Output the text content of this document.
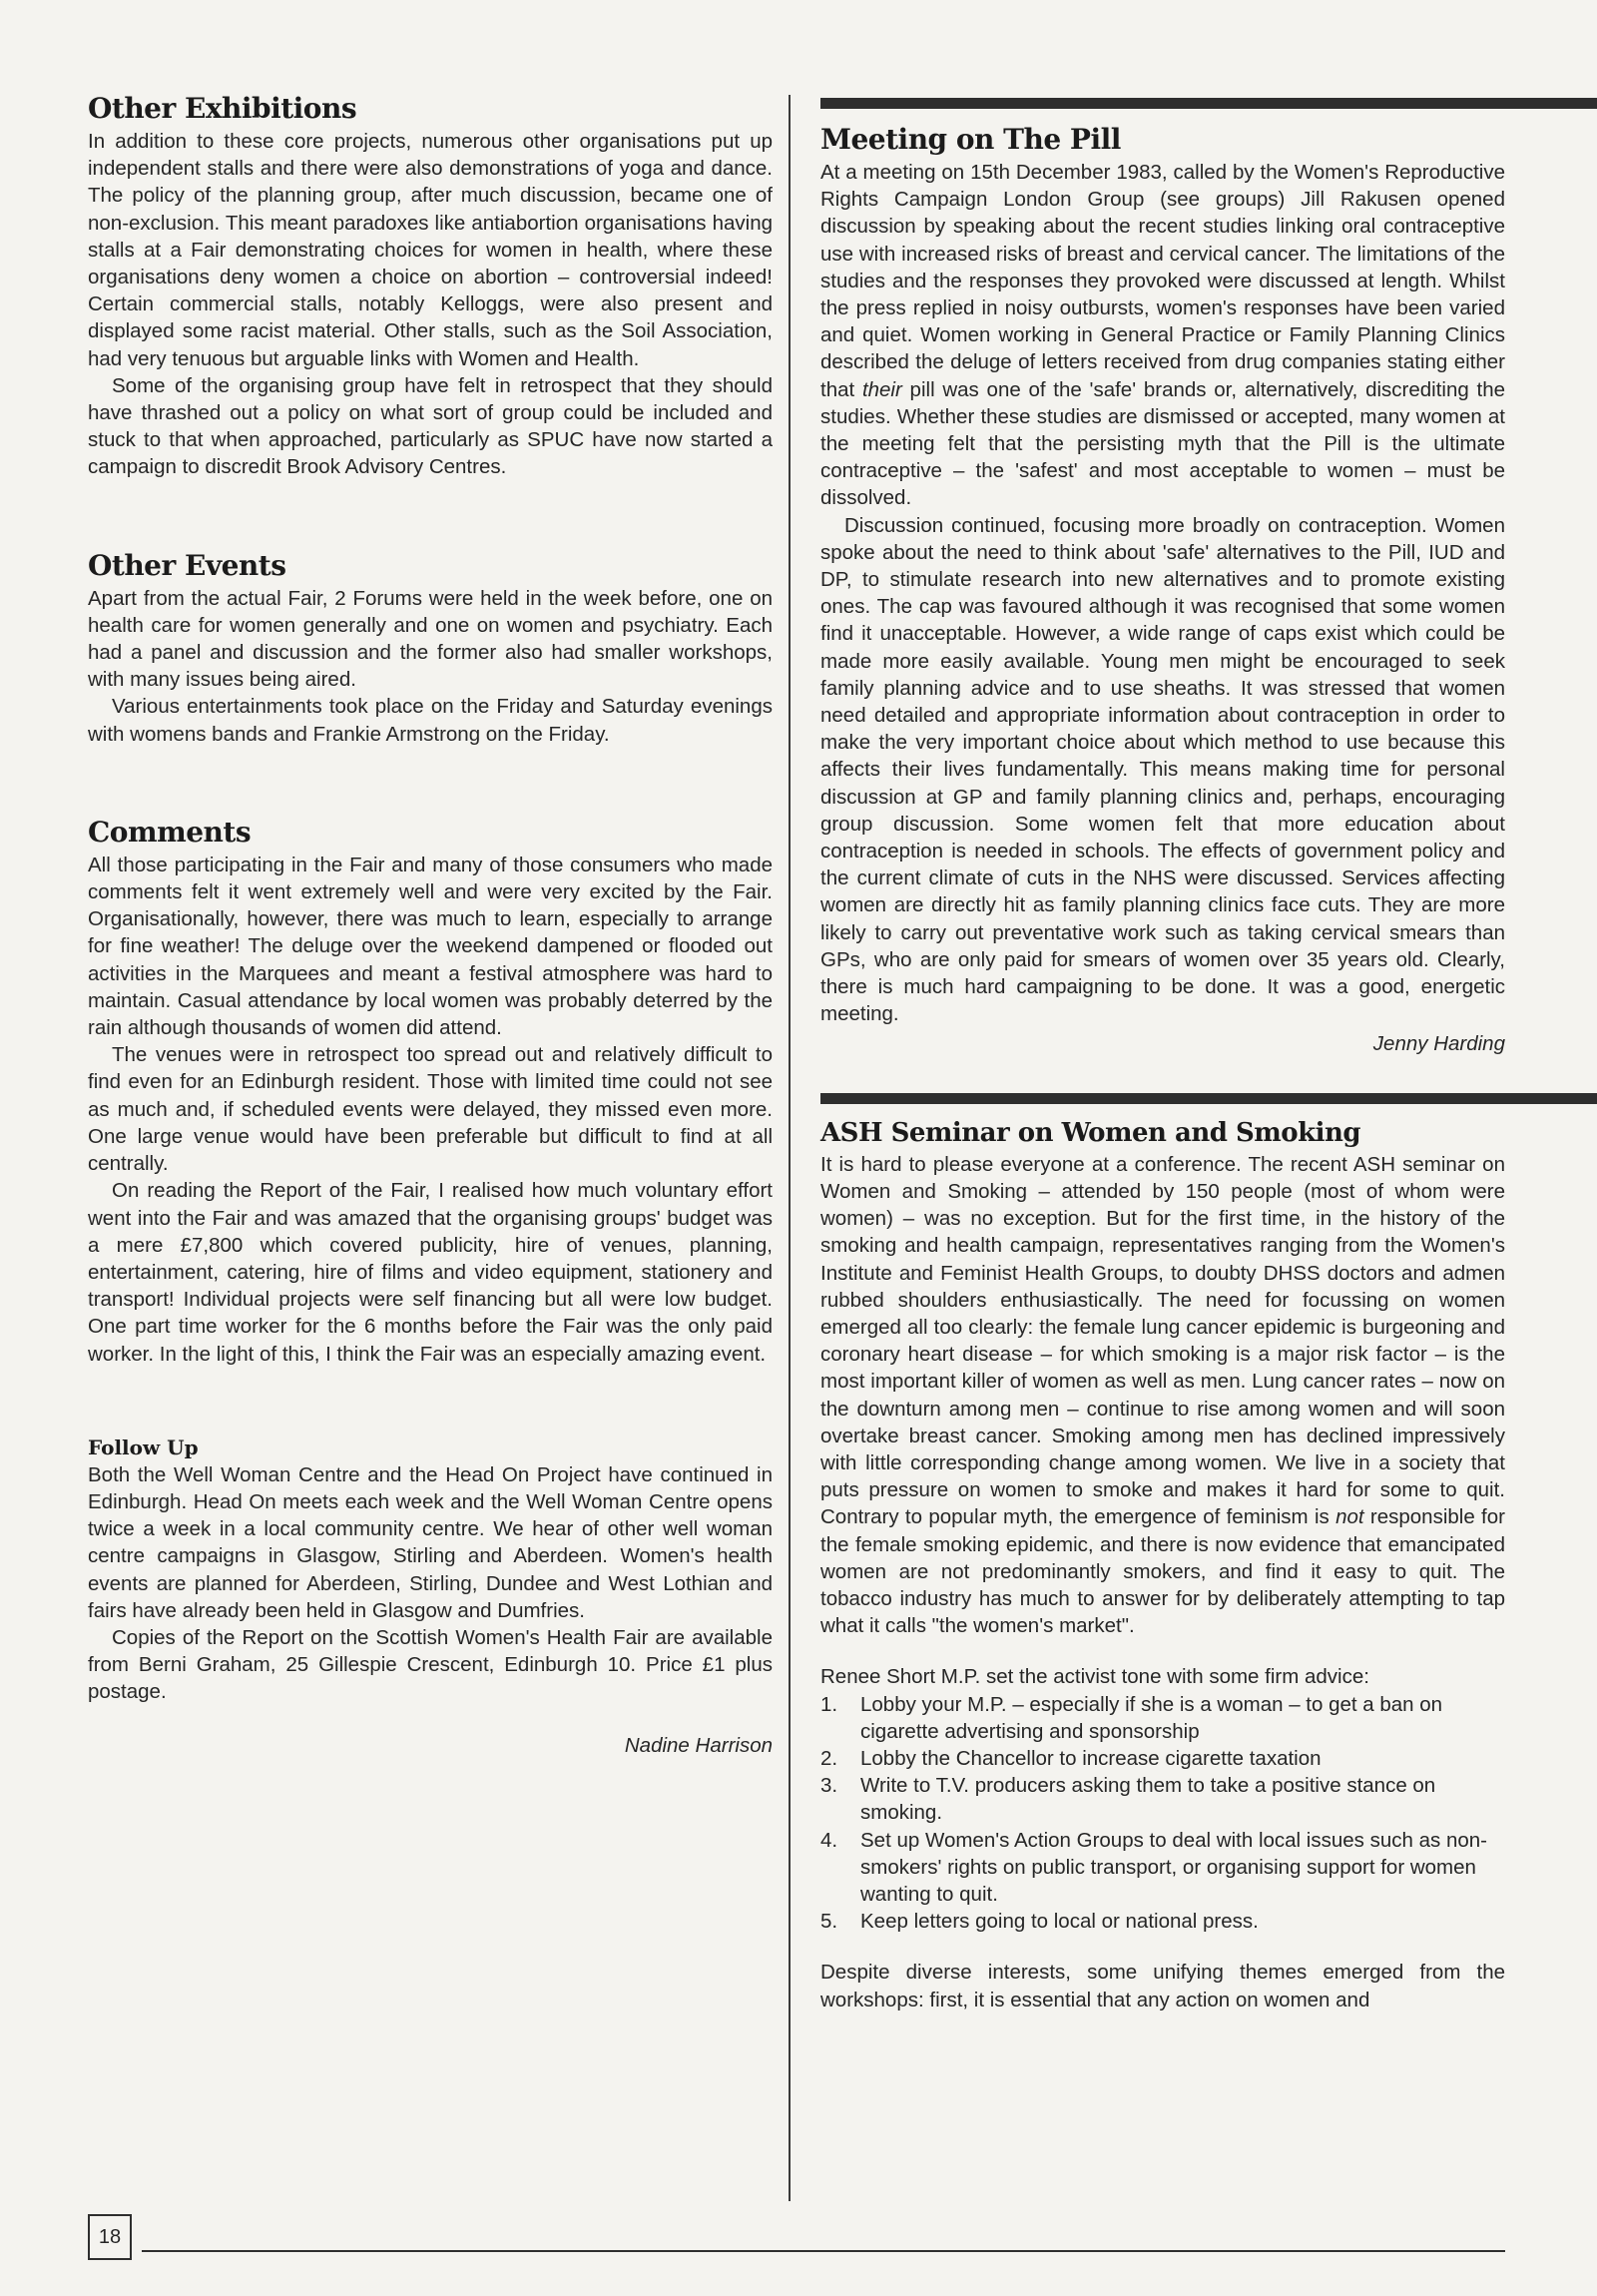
Other Exhibitions

In addition to these core projects, numerous other organisations put up independent stalls and there were also demonstrations of yoga and dance. The policy of the planning group, after much discussion, became one of non-exclusion. This meant paradoxes like antiabortion organisations having stalls at a Fair demonstrating choices for women in health, where these organisations deny women a choice on abortion – controversial indeed! Certain commercial stalls, notably Kelloggs, were also present and displayed some racist material. Other stalls, such as the Soil Association, had very tenuous but arguable links with Women and Health.

Some of the organising group have felt in retrospect that they should have thrashed out a policy on what sort of group could be included and stuck to that when approached, particularly as SPUC have now started a campaign to discredit Brook Advisory Centres.

Other Events

Apart from the actual Fair, 2 Forums were held in the week before, one on health care for women generally and one on women and psychiatry. Each had a panel and discussion and the former also had smaller workshops, with many issues being aired.

Various entertainments took place on the Friday and Saturday evenings with womens bands and Frankie Armstrong on the Friday.

Comments

All those participating in the Fair and many of those consumers who made comments felt it went extremely well and were very excited by the Fair. Organisationally, however, there was much to learn, especially to arrange for fine weather! The deluge over the weekend dampened or flooded out activities in the Marquees and meant a festival atmosphere was hard to maintain. Casual attendance by local women was probably deterred by the rain although thousands of women did attend.

The venues were in retrospect too spread out and relatively difficult to find even for an Edinburgh resident. Those with limited time could not see as much and, if scheduled events were delayed, they missed even more. One large venue would have been preferable but difficult to find at all centrally.

On reading the Report of the Fair, I realised how much voluntary effort went into the Fair and was amazed that the organising groups' budget was a mere £7,800 which covered publicity, hire of venues, planning, entertainment, catering, hire of films and video equipment, stationery and transport! Individual projects were self financing but all were low budget. One part time worker for the 6 months before the Fair was the only paid worker. In the light of this, I think the Fair was an especially amazing event.

Follow Up

Both the Well Woman Centre and the Head On Project have continued in Edinburgh. Head On meets each week and the Well Woman Centre opens twice a week in a local community centre. We hear of other well woman centre campaigns in Glasgow, Stirling and Aberdeen. Women's health events are planned for Aberdeen, Stirling, Dundee and West Lothian and fairs have already been held in Glasgow and Dumfries.

Copies of the Report on the Scottish Women's Health Fair are available from Berni Graham, 25 Gillespie Crescent, Edinburgh 10. Price £1 plus postage.

Nadine Harrison
Meeting on The Pill

At a meeting on 15th December 1983, called by the Women's Reproductive Rights Campaign London Group (see groups) Jill Rakusen opened discussion by speaking about the recent studies linking oral contraceptive use with increased risks of breast and cervical cancer. The limitations of the studies and the responses they provoked were discussed at length. Whilst the press replied in noisy outbursts, women's responses have been varied and quiet. Women working in General Practice or Family Planning Clinics described the deluge of letters received from drug companies stating either that their pill was one of the 'safe' brands or, alternatively, discrediting the studies. Whether these studies are dismissed or accepted, many women at the meeting felt that the persisting myth that the Pill is the ultimate contraceptive – the 'safest' and most acceptable to women – must be dissolved.

Discussion continued, focusing more broadly on contraception. Women spoke about the need to think about 'safe' alternatives to the Pill, IUD and DP, to stimulate research into new alternatives and to promote existing ones. The cap was favoured although it was recognised that some women find it unacceptable. However, a wide range of caps exist which could be made more easily available. Young men might be encouraged to seek family planning advice and to use sheaths. It was stressed that women need detailed and appropriate information about contraception in order to make the very important choice about which method to use because this affects their lives fundamentally. This means making time for personal discussion at GP and family planning clinics and, perhaps, encouraging group discussion. Some women felt that more education about contraception is needed in schools. The effects of government policy and the current climate of cuts in the NHS were discussed. Services affecting women are directly hit as family planning clinics face cuts. They are more likely to carry out preventative work such as taking cervical smears than GPs, who are only paid for smears of women over 35 years old. Clearly, there is much hard campaigning to be done. It was a good, energetic meeting.

Jenny Harding
ASH Seminar on Women and Smoking

It is hard to please everyone at a conference. The recent ASH seminar on Women and Smoking – attended by 150 people (most of whom were women) – was no exception. But for the first time, in the history of the smoking and health campaign, representatives ranging from the Women's Institute and Feminist Health Groups, to doubty DHSS doctors and admen rubbed shoulders enthusiastically. The need for focussing on women emerged all too clearly: the female lung cancer epidemic is burgeoning and coronary heart disease – for which smoking is a major risk factor – is the most important killer of women as well as men. Lung cancer rates – now on the downturn among men – continue to rise among women and will soon overtake breast cancer. Smoking among men has declined impressively with little corresponding change among women. We live in a society that puts pressure on women to smoke and makes it hard for some to quit. Contrary to popular myth, the emergence of feminism is not responsible for the female smoking epidemic, and there is now evidence that emancipated women are not predominantly smokers, and find it easy to quit. The tobacco industry has much to answer for by deliberately attempting to tap what it calls "the women's market".

Renee Short M.P. set the activist tone with some firm advice:

1. Lobby your M.P. – especially if she is a woman – to get a ban on cigarette advertising and sponsorship
2. Lobby the Chancellor to increase cigarette taxation
3. Write to T.V. producers asking them to take a positive stance on smoking.
4. Set up Women's Action Groups to deal with local issues such as non-smokers' rights on public transport, or organising support for women wanting to quit.
5. Keep letters going to local or national press.

Despite diverse interests, some unifying themes emerged from the workshops: first, it is essential that any action on women and

18
